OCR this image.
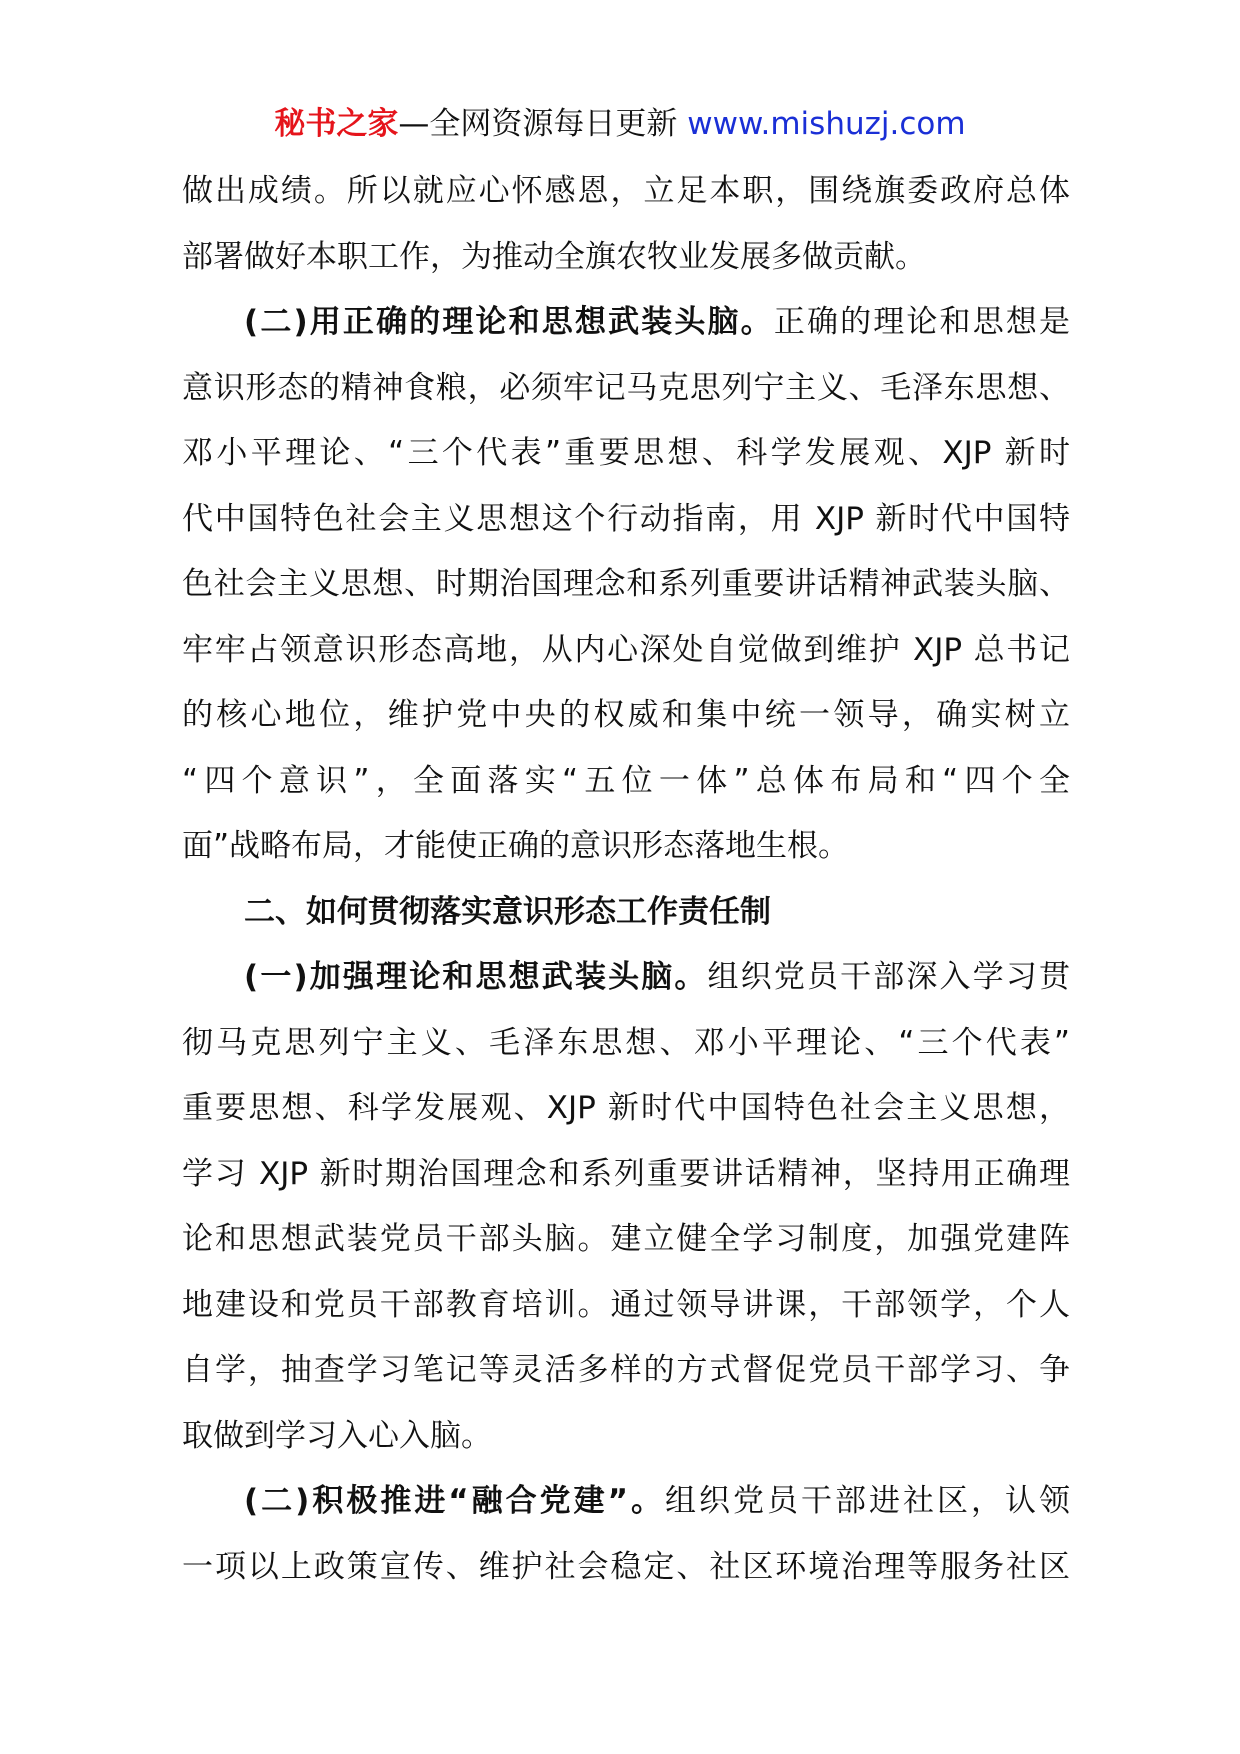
秘书之家—全网资源每日更新 www.mishuzj.com
做出成绩。所以就应心怀感恩，立足本职，围绕旗委政府总体
部署做好本职工作，为推动全旗农牧业发展多做贡献。
(二)用正确的理论和思想武装头脑。正确的理论和思想是
意识形态的精神食粮，必须牢记马克思列宁主义、毛泽东思想、
邓小平理论、“三个代表”重要思想、科学发展观、XJP 新时
代中国特色社会主义思想这个行动指南，用 XJP 新时代中国特
色社会主义思想、时期治国理念和系列重要讲话精神武装头脑、
牢牢占领意识形态高地，从内心深处自觉做到维护 XJP 总书记
的核心地位，维护党中央的权威和集中统一领导，确实树立
“四个意识”，全面落实“五位一体”总体布局和“四个全
面”战略布局，才能使正确的意识形态落地生根。
二、如何贯彻落实意识形态工作责任制
(一)加强理论和思想武装头脑。组织党员干部深入学习贯
彻马克思列宁主义、毛泽东思想、邓小平理论、“三个代表”
重要思想、科学发展观、XJP 新时代中国特色社会主义思想，
学习 XJP 新时期治国理念和系列重要讲话精神，坚持用正确理
论和思想武装党员干部头脑。建立健全学习制度，加强党建阵
地建设和党员干部教育培训。通过领导讲课，干部领学，个人
自学，抽查学习笔记等灵活多样的方式督促党员干部学习、争
取做到学习入心入脑。
(二)积极推进“融合党建”。组织党员干部进社区，认领
一项以上政策宣传、维护社会稳定、社区环境治理等服务社区
